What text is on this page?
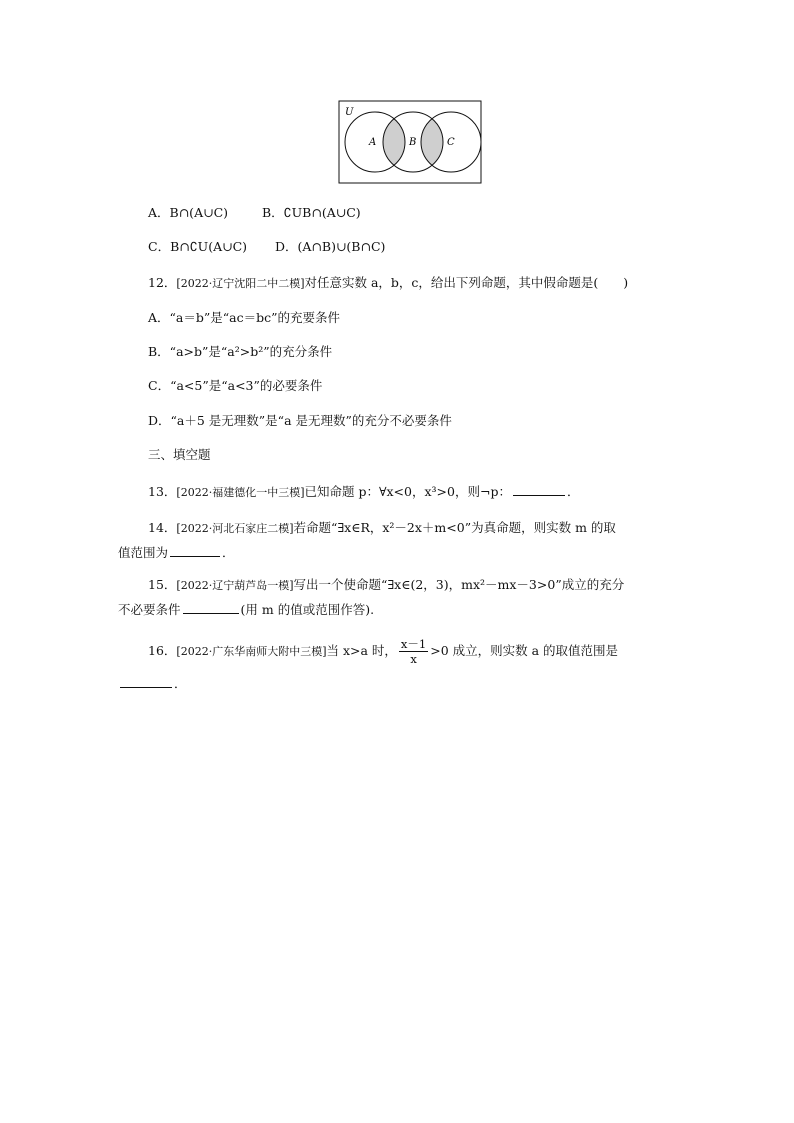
U
A	B	C
A．B∩(A∪C)	B．∁UB∩(A∪C)
C．B∩∁U(A∪C) D．(A∩B)∪(B∩C)
12．[2022·辽宁沈阳二中二模]对任意实数 a，b，c，给出下列命题，其中假命题是(　　)
A．“a＝b”是“ac＝bc”的充要条件
B．“a>b”是“a²>b²”的充分条件
C．“a<5”是“a<3”的必要条件
D．“a＋5 是无理数”是“a 是无理数”的充分不必要条件
三、填空题
13．[2022·福建德化一中三模]已知命题 p：∀x<0，x³>0，则¬p：	．
14．[2022·河北石家庄二模]若命题“∃x∈R，x²－2x＋m<0”为真命题，则实数 m 的取
值范围为	．
15．[2022·辽宁葫芦岛一模]写出一个使命题“∃x∈(2，3)，mx²－mx－3>0”成立的充分
不必要条件	(用 m 的值或范围作答).
16．[2022·广东华南师大附中三模]当 x>a 时， $\frac{x-1}{x} >0$ 成立，则实数 a 的取值范围是
．
